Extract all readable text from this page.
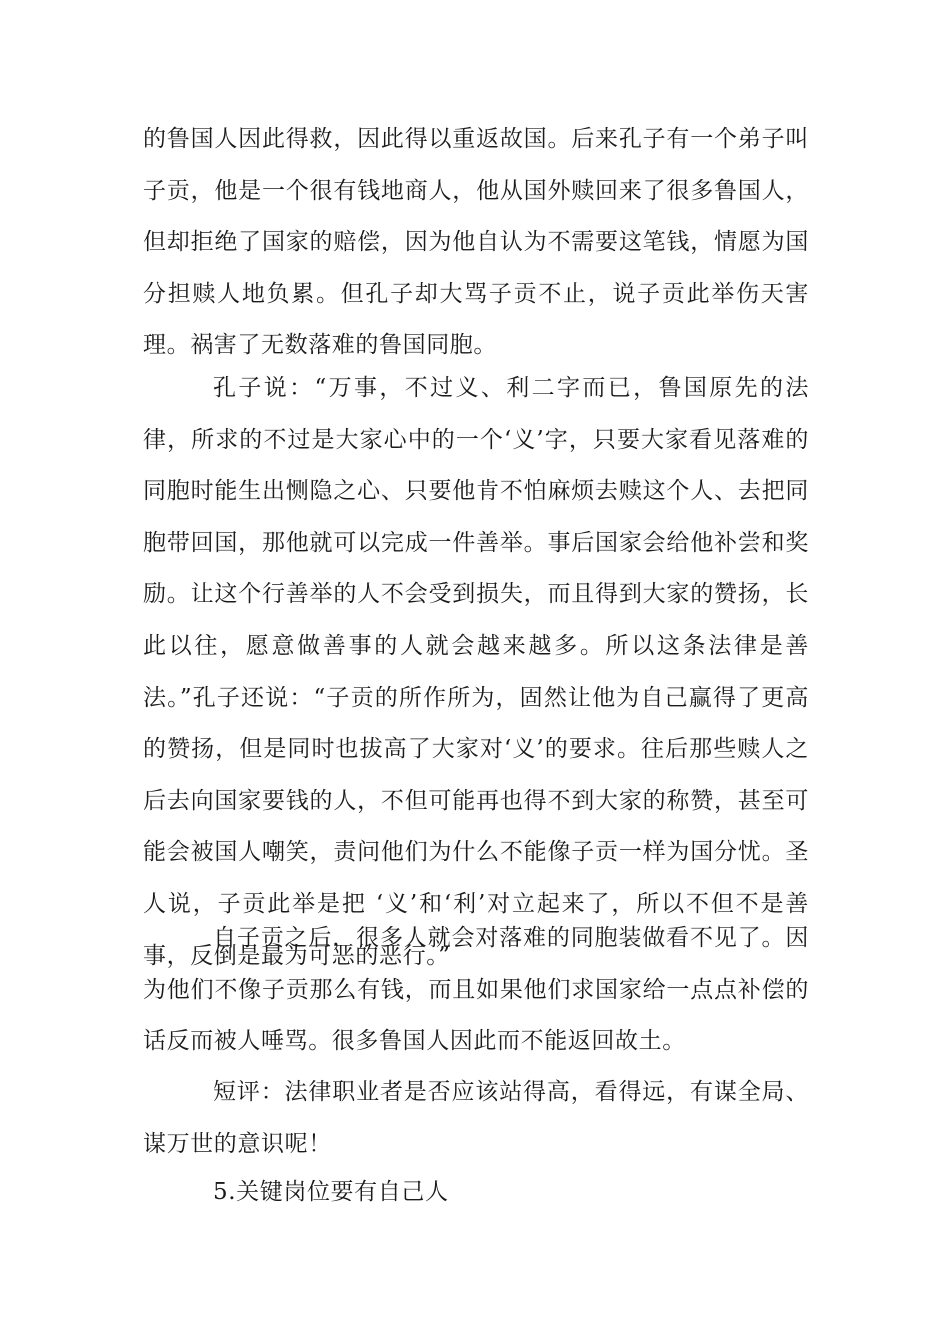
的鲁国人因此得救，因此得以重返故国。后来孔子有一个弟子叫子贡，他是一个很有钱地商人，他从国外赎回来了很多鲁国人，但却拒绝了国家的赔偿，因为他自认为不需要这笔钱，情愿为国分担赎人地负累。但孔子却大骂子贡不止，说子贡此举伤天害理。祸害了无数落难的鲁国同胞。

孔子说：“万事，不过义、利二字而已，鲁国原先的法律，所求的不过是大家心中的一个‘义’字，只要大家看见落难的同胞时能生出恻隐之心、只要他肯不怕麻烦去赎这个人、去把同胞带回国，那他就可以完成一件善举。事后国家会给他补尝和奖励。让这个行善举的人不会受到损失，而且得到大家的赞扬，长此以往，愿意做善事的人就会越来越多。所以这条法律是善法。”孔子还说：“子贡的所作所为，固然让他为自己赢得了更高的赞扬，但是同时也拔高了大家对‘义’的要求。往后那些赎人之后去向国家要钱的人，不但可能再也得不到大家的称赞，甚至可能会被国人嘲笑，责问他们为什么不能像子贡一样为国分忧。圣人说，子贡此举是把 ‘义’和‘利’对立起来了，所以不但不是善事，反倒是最为可恶的恶行。”

自子贡之后，很多人就会对落难的同胞装做看不见了。因为他们不像子贡那么有钱，而且如果他们求国家给一点点补偿的话反而被人唾骂。很多鲁国人因此而不能返回故土。

短评：法律职业者是否应该站得高，看得远，有谋全局、谋万世的意识呢！

5.关键岗位要有自己人
